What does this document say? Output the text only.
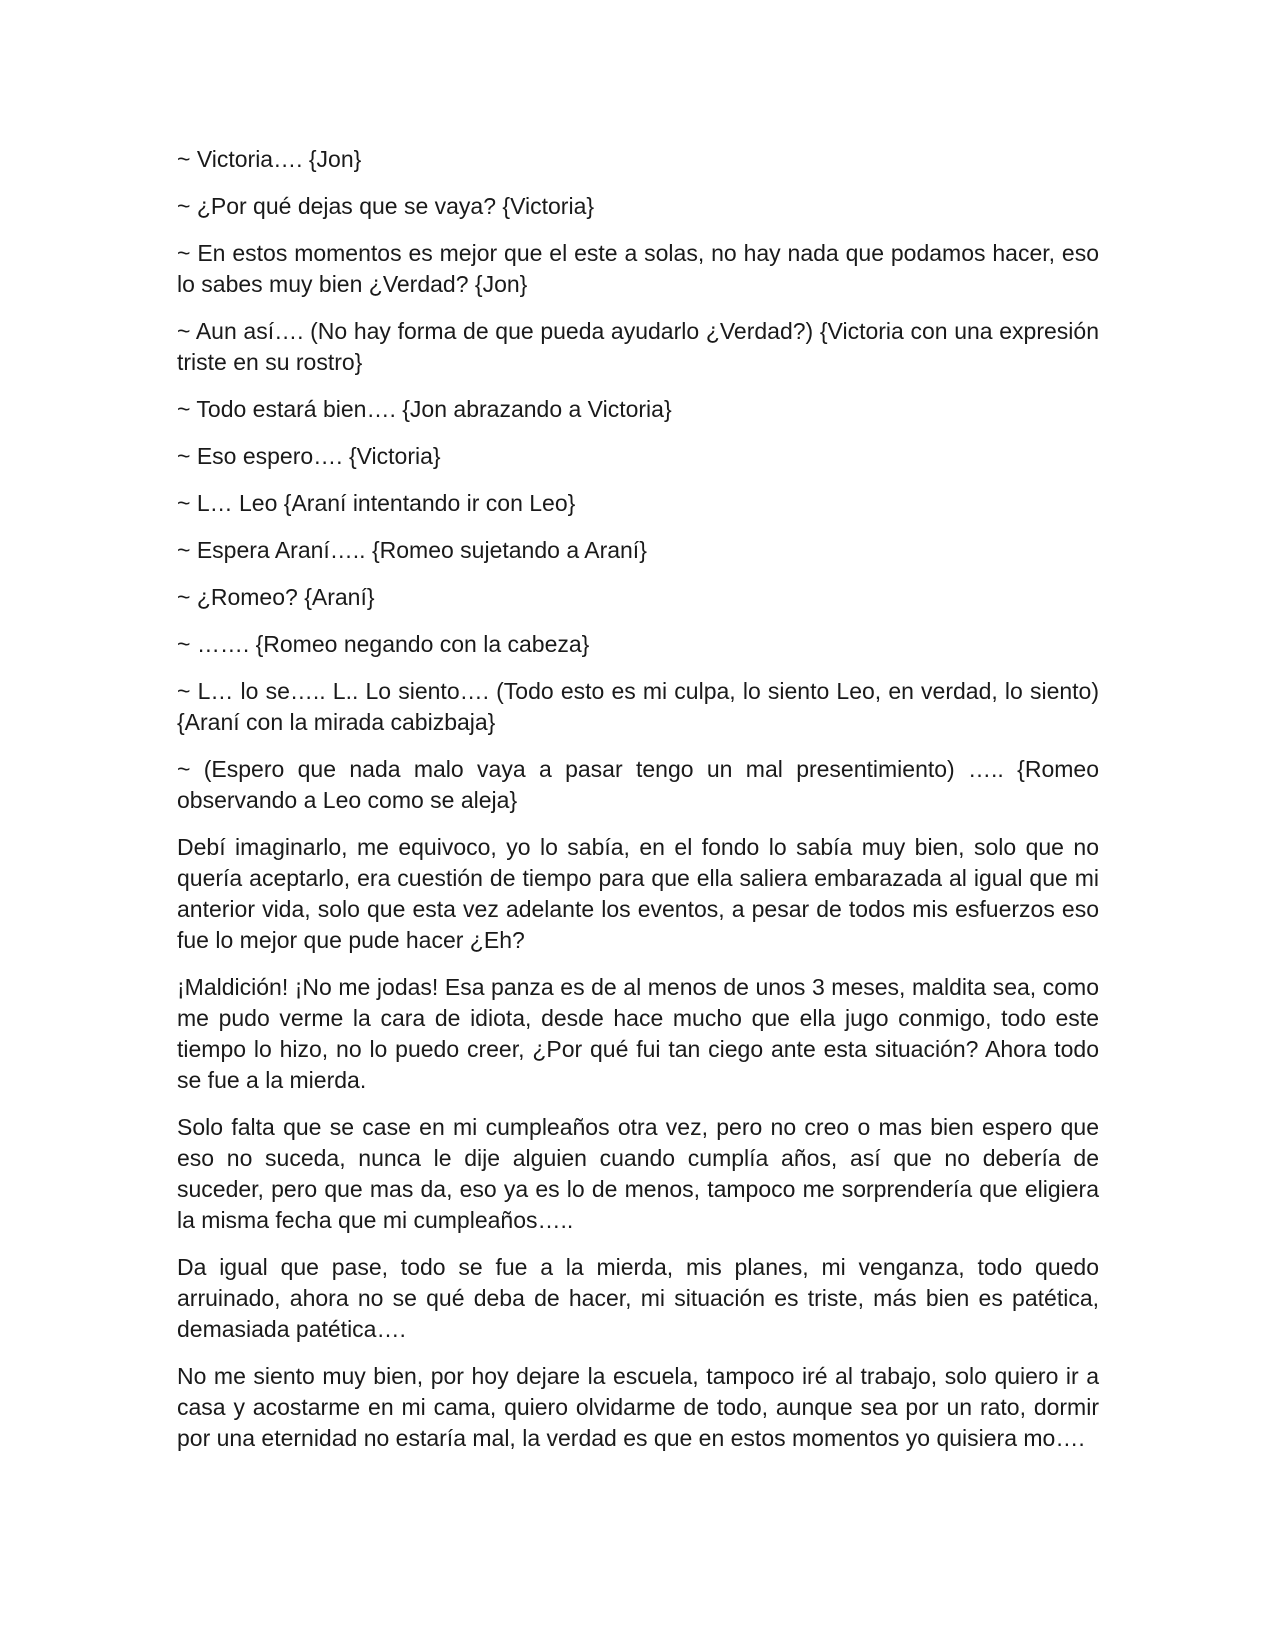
~ Victoria…. {Jon}

~ ¿Por qué dejas que se vaya? {Victoria}

~ En estos momentos es mejor que el este a solas, no hay nada que podamos hacer, eso lo sabes muy bien ¿Verdad? {Jon}

~ Aun así…. (No hay forma de que pueda ayudarlo ¿Verdad?) {Victoria con una expresión triste en su rostro}

~ Todo estará bien…. {Jon abrazando a Victoria}

~ Eso espero…. {Victoria}

~ L… Leo {Araní intentando ir con Leo}

~ Espera Araní….. {Romeo sujetando a Araní}

~ ¿Romeo? {Araní}

~ ……. {Romeo negando con la cabeza}

~ L… lo se….. L.. Lo siento…. (Todo esto es mi culpa, lo siento Leo, en verdad, lo siento) {Araní con la mirada cabizbaja}

~ (Espero que nada malo vaya a pasar tengo un mal presentimiento) ….. {Romeo observando a Leo como se aleja}

Debí imaginarlo, me equivoco, yo lo sabía, en el fondo lo sabía muy bien, solo que no quería aceptarlo, era cuestión de tiempo para que ella saliera embarazada al igual que mi anterior vida, solo que esta vez adelante los eventos, a pesar de todos mis esfuerzos eso fue lo mejor que pude hacer ¿Eh?

¡Maldición! ¡No me jodas! Esa panza es de al menos de unos 3 meses, maldita sea, como me pudo verme la cara de idiota, desde hace mucho que ella jugo conmigo, todo este tiempo lo hizo, no lo puedo creer, ¿Por qué fui tan ciego ante esta situación? Ahora todo se fue a la mierda.

Solo falta que se case en mi cumpleaños otra vez, pero no creo o mas bien espero que eso no suceda, nunca le dije alguien cuando cumplía años, así que no debería de suceder, pero que mas da, eso ya es lo de menos, tampoco me sorprendería que eligiera la misma fecha que mi cumpleaños…..

Da igual que pase, todo se fue a la mierda, mis planes, mi venganza, todo quedo arruinado, ahora no se qué deba de hacer, mi situación es triste, más bien es patética, demasiada patética….

No me siento muy bien, por hoy dejare la escuela, tampoco iré al trabajo, solo quiero ir a casa y acostarme en mi cama, quiero olvidarme de todo, aunque sea por un rato, dormir por una eternidad no estaría mal, la verdad es que en estos momentos yo quisiera mo….
